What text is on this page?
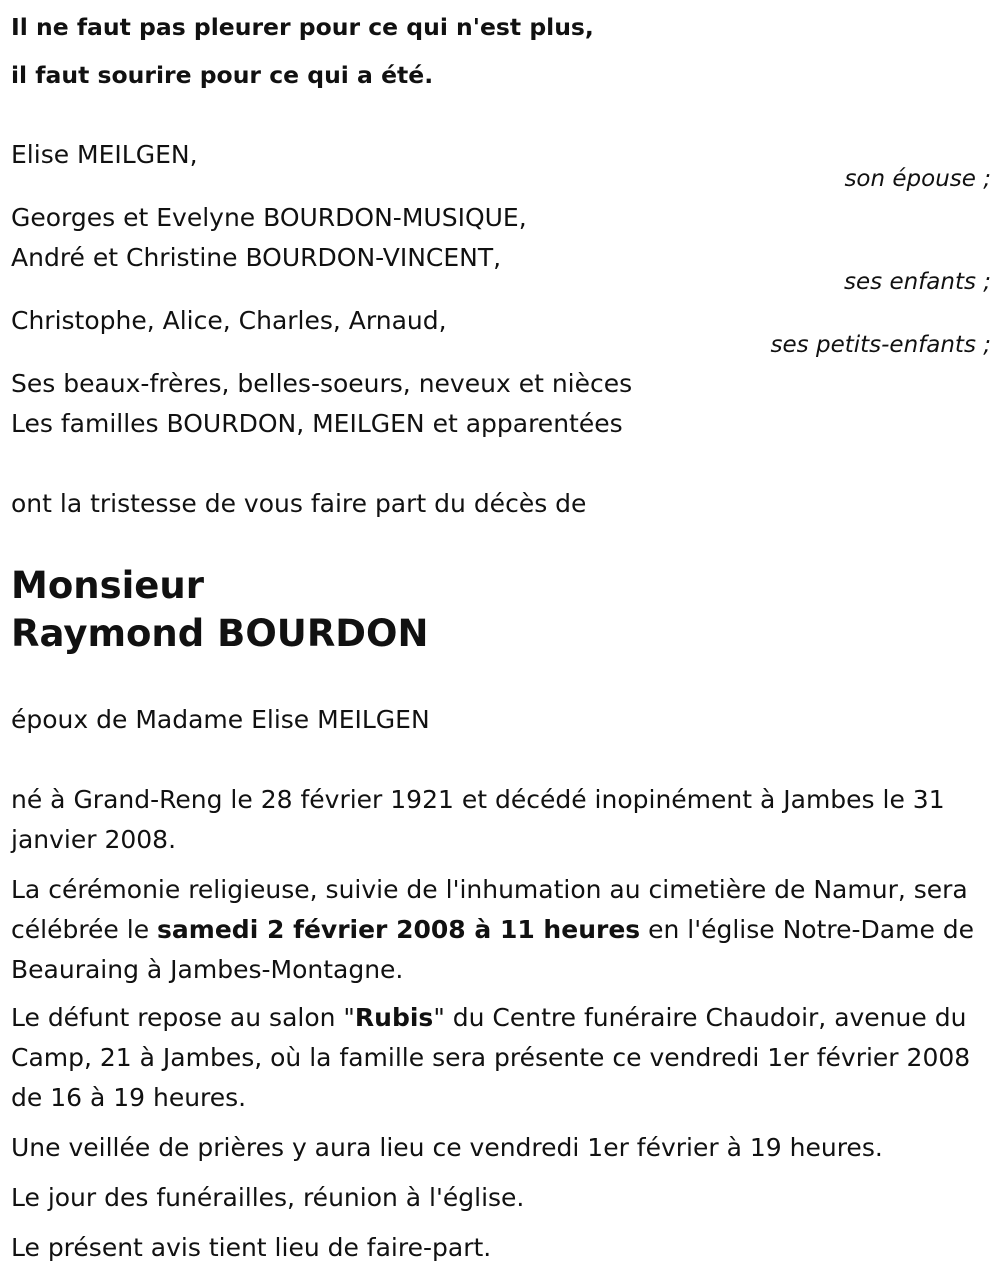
Il ne faut pas pleurer pour ce qui n'est plus,
il faut sourire pour ce qui a été.
Elise MEILGEN,
son épouse ;
Georges et Evelyne BOURDON-MUSIQUE,
André et Christine BOURDON-VINCENT,
ses enfants ;
Christophe, Alice, Charles, Arnaud,
ses petits-enfants ;
Ses beaux-frères, belles-soeurs, neveux et nièces
Les familles BOURDON, MEILGEN et apparentées
ont la tristesse de vous faire part du décès de
Monsieur
Raymond BOURDON
époux de Madame Elise MEILGEN
né à Grand-Reng le 28 février 1921 et décédé inopinément à Jambes le 31 janvier 2008.
La cérémonie religieuse, suivie de l'inhumation au cimetière de Namur, sera célébrée le samedi 2 février 2008 à 11 heures en l'église Notre-Dame de Beauraing à Jambes-Montagne.
Le défunt repose au salon "Rubis" du Centre funéraire Chaudoir, avenue du Camp, 21 à Jambes, où la famille sera présente ce vendredi 1er février 2008 de 16 à 19 heures.
Une veillée de prières y aura lieu ce vendredi 1er février à 19 heures.
Le jour des funérailles, réunion à l'église.
Le présent avis tient lieu de faire-part.
